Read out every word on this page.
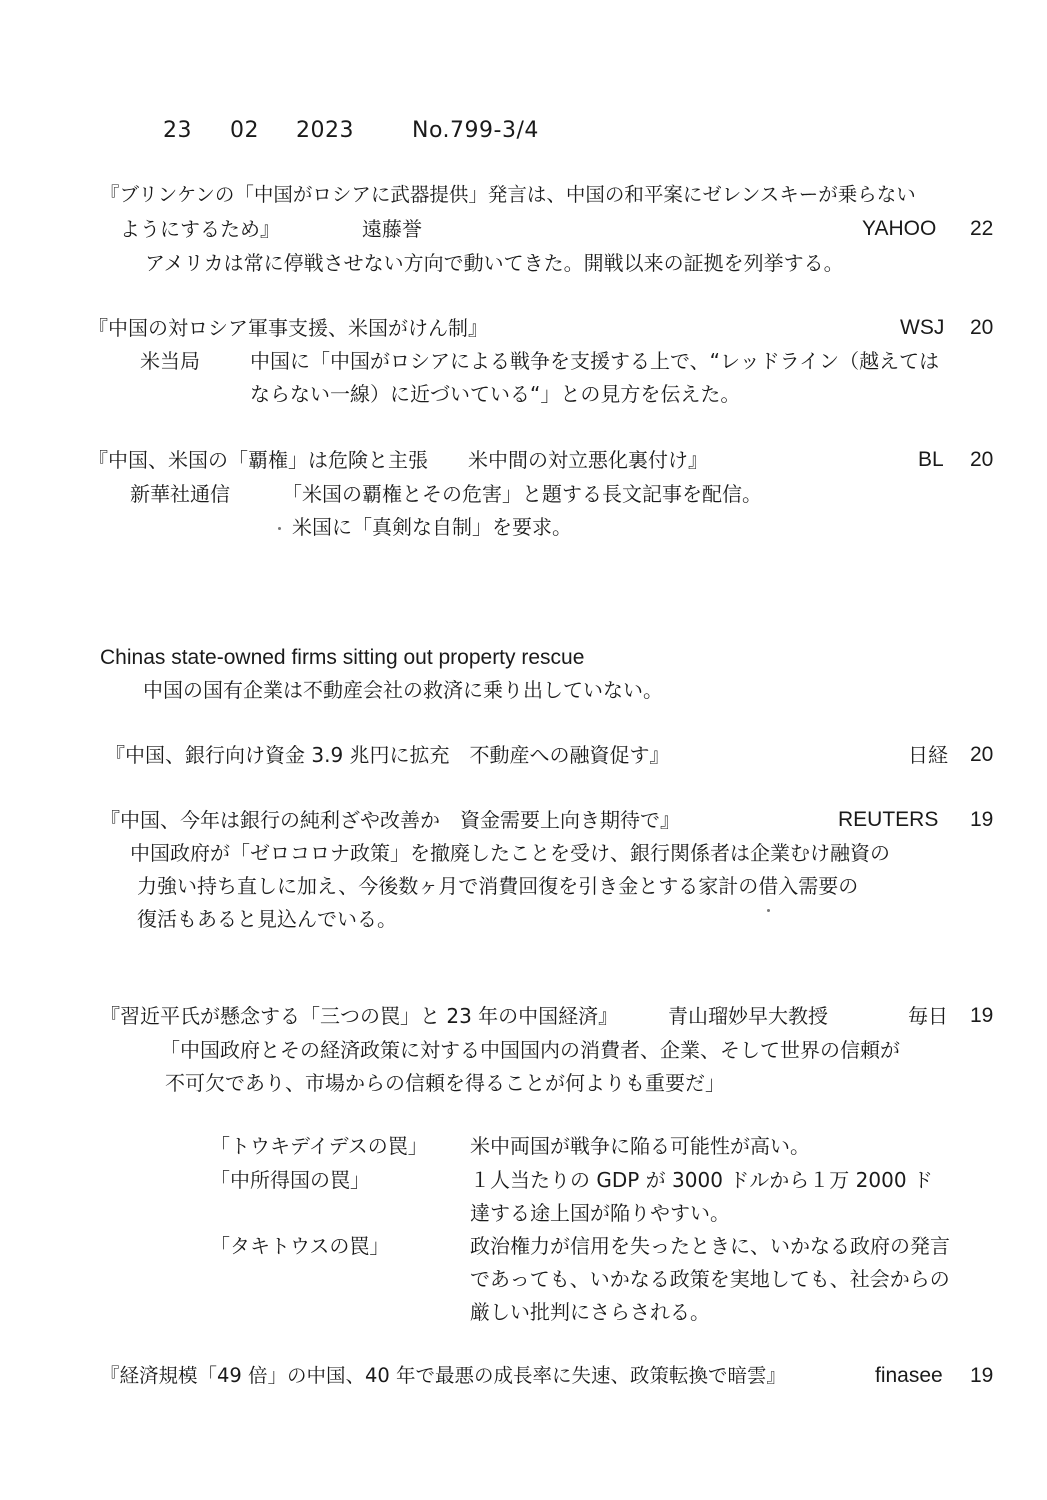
23 02 2023	No.799-3/4
『ブリンケンの「中国がロシアに武器提供」発言は、中国の和平案にゼレンスキーが乗らない
ようにするため』	遠藤誉	YAHOO 22
アメリカは常に停戦させない方向で動いてきた。開戦以来の証拠を列挙する。
『中国の対ロシア軍事支援、米国がけん制』	WSJ 20
米当局	中国に「中国がロシアによる戦争を支援する上で、“レッドライン（越えては
ならない一線）に近づいている“」との見方を伝えた。
『中国、米国の「覇権」は危険と主張　　米中間の対立悪化裏付け』	BL 20
新華社通信	「米国の覇権とその危害」と題する長文記事を配信。
米国に「真剣な自制」を要求。
Chinas state-owned firms sitting out property rescue
中国の国有企業は不動産会社の救済に乗り出していない。
『中国、銀行向け資金 3.9 兆円に拡充　不動産への融資促す』	日経 20
『中国、今年は銀行の純利ざや改善か　資金需要上向き期待で』	REUTERS 19
中国政府が「ゼロコロナ政策」を撤廃したことを受け、銀行関係者は企業むけ融資の
力強い持ち直しに加え、今後数ヶ月で消費回復を引き金とする家計の借入需要の
復活もあると見込んでいる。
『習近平氏が懸念する「三つの罠」と 23 年の中国経済』 青山瑠妙早大教授	毎日 19
「中国政府とその経済政策に対する中国国内の消費者、企業、そして世界の信頼が
不可欠であり、市場からの信頼を得ることが何よりも重要だ」
「トウキデイデスの罠」 米中両国が戦争に陥る可能性が高い。
「中所得国の罠」	１人当たりの GDP が 3000 ドルから１万 2000 ド
達する途上国が陥りやすい。
「タキトウスの罠」	政治権力が信用を失ったときに、いかなる政府の発言
であっても、いかなる政策を実地しても、社会からの
厳しい批判にさらされる。
『経済規模「49 倍」の中国、40 年で最悪の成長率に失速、政策転換で暗雲』	finasee 19
